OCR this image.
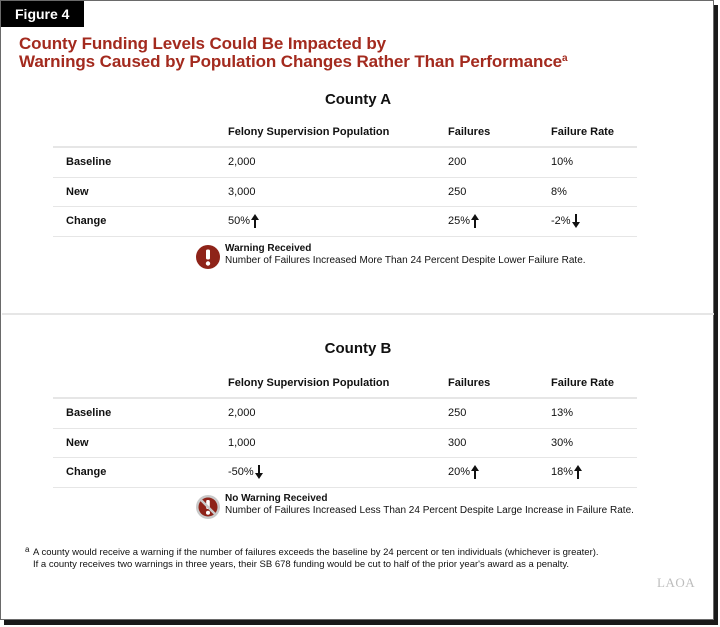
Figure 4
County Funding Levels Could Be Impacted by
Warnings Caused by Population Changes Rather Than Performance$^a$
County A
	Felony Supervision Population	Failures	Failure Rate
Baseline	2,000	200	10%
New	3,000	250	8%
Change	50%	25%	-2%
Warning Received
Number of Failures Increased More Than 24 Percent Despite Lower Failure Rate.
County B
	Felony Supervision Population	Failures	Failure Rate
Baseline	2,000	250	13%
New	1,000	300	30%
Change	-50%	20%	18%
No Warning Received
Number of Failures Increased Less Than 24 Percent Despite Large Increase in Failure Rate.
a A county would receive a warning if the number of failures exceeds the baseline by 24 percent or ten individuals (whichever is greater).
If a county receives two warnings in three years, their SB 678 funding would be cut to half of the prior year's award as a penalty.
LAOA
